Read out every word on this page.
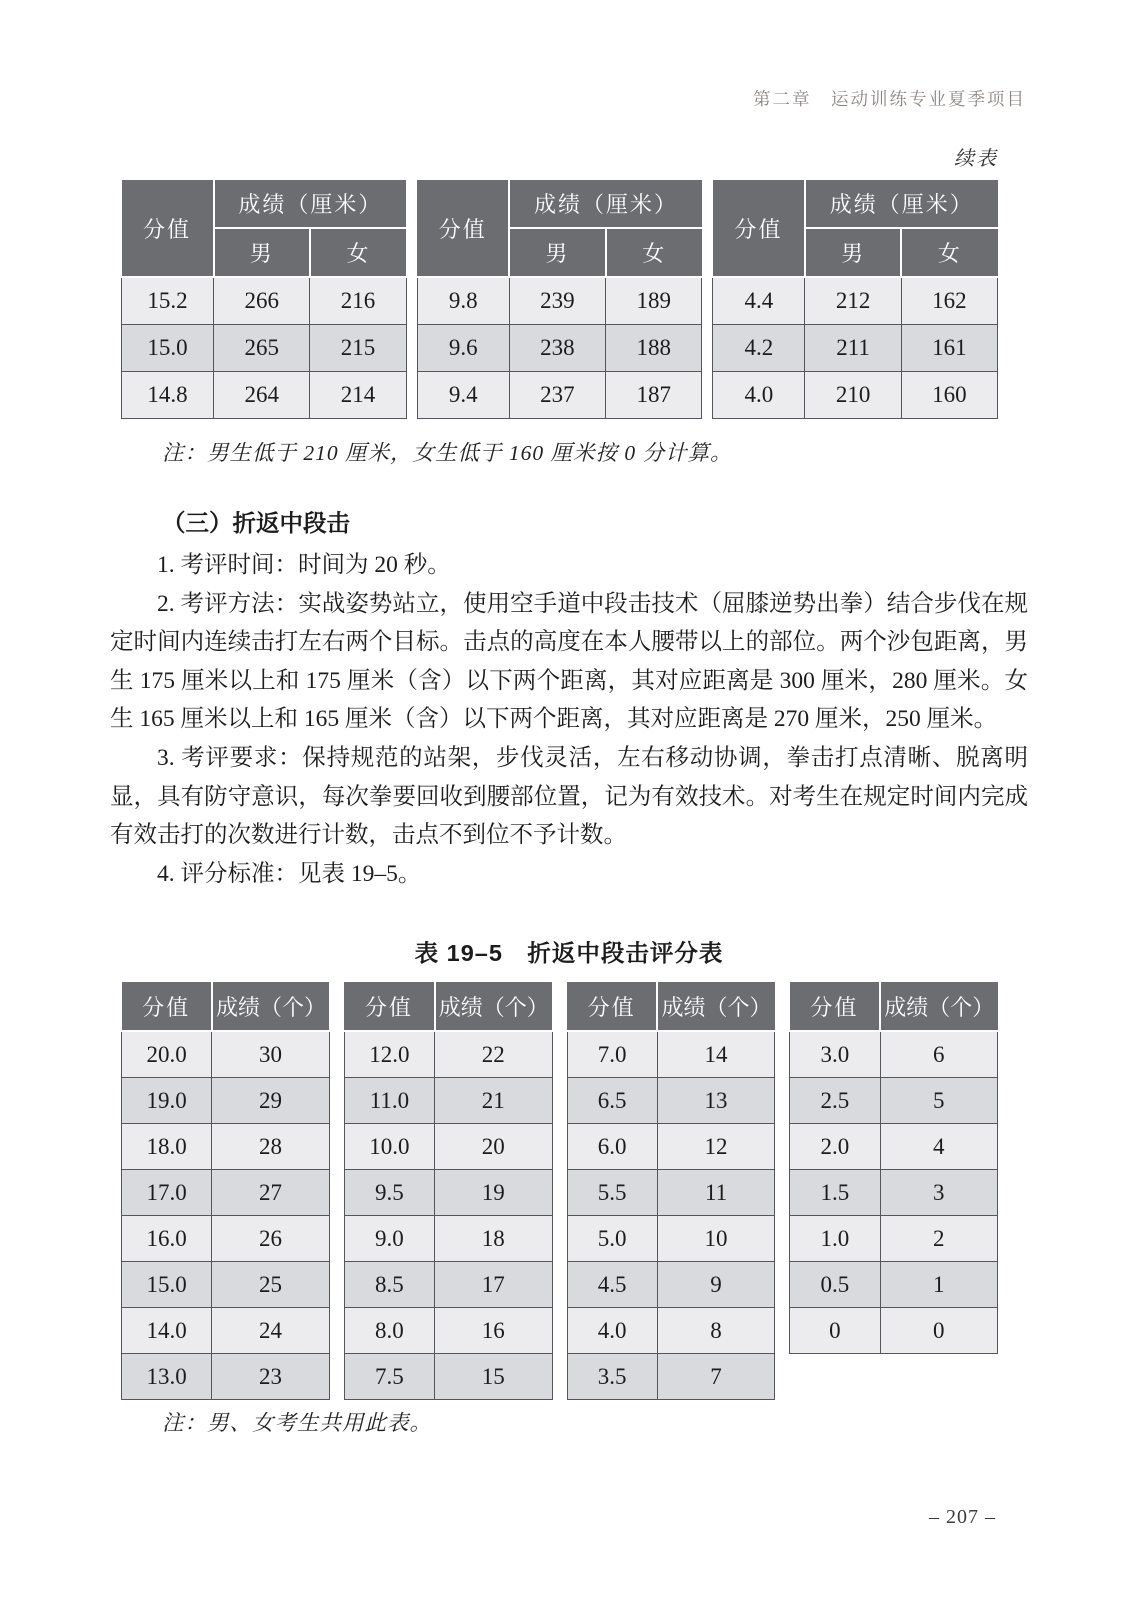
第二章　运动训练专业夏季项目
续表
分值	成绩（厘米）	
	男	女
15.2	266	216
15.0	265	215
14.8	264	214
分值	成绩（厘米）	
	男	女
9.8	239	189
9.6	238	188
9.4	237	187
分值	成绩（厘米）	
	男	女
4.4	212	162
4.2	211	161
4.0	210	160
注：男生低于 210 厘米，女生低于 160 厘米按 0 分计算。
（三）折返中段击

1. 考评时间：时间为 20 秒。

2. 考评方法：实战姿势站立，使用空手道中段击技术（屈膝逆势出拳）结合步伐在规定时间内连续击打左右两个目标。击点的高度在本人腰带以上的部位。两个沙包距离，男生 175 厘米以上和 175 厘米（含）以下两个距离，其对应距离是 300 厘米，280 厘米。女生 165 厘米以上和 165 厘米（含）以下两个距离，其对应距离是 270 厘米，250 厘米。

3. 考评要求：保持规范的站架，步伐灵活，左右移动协调，拳击打点清晰、脱离明显，具有防守意识，每次拳要回收到腰部位置，记为有效技术。对考生在规定时间内完成有效击打的次数进行计数，击点不到位不予计数。

4. 评分标准：见表 19–5。

表 19–5　折返中段击评分表
分值	成绩（个）
20.0	30
19.0	29
18.0	28
17.0	27
16.0	26
15.0	25
14.0	24
13.0	23
分值	成绩（个）
12.0	22
11.0	21
10.0	20
9.5	19
9.0	18
8.5	17
8.0	16
7.5	15
分值	成绩（个）
7.0	14
6.5	13
6.0	12
5.5	11
5.0	10
4.5	9
4.0	8
3.5	7
分值	成绩（个）
3.0	6
2.5	5
2.0	4
1.5	3
1.0	2
0.5	1
0	0
注：男、女考生共用此表。
– 207 –
